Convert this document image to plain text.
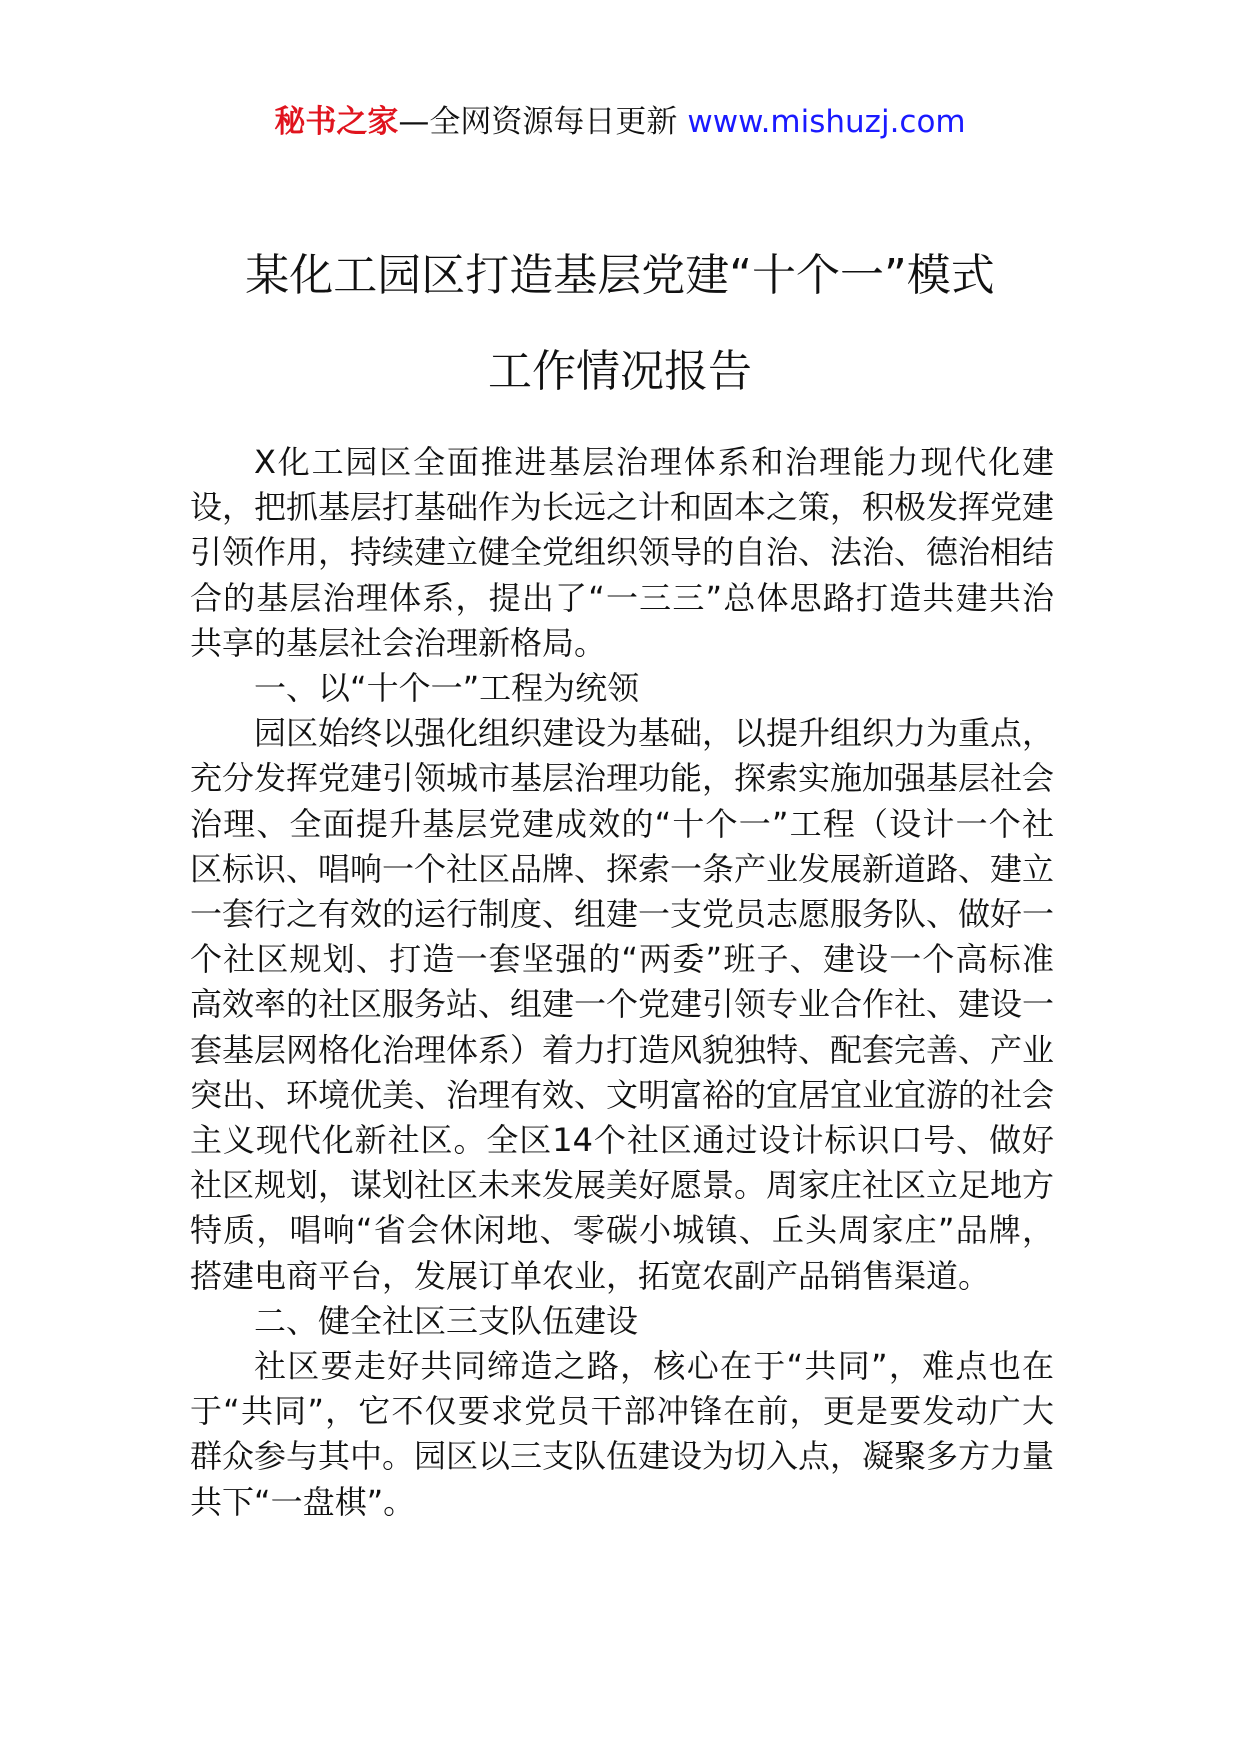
秘书之家—全网资源每日更新 www.mishuzj.com
某化工园区打造基层党建“十个一”模式
工作情况报告

X化工园区全面推进基层治理体系和治理能力现代化建设，把抓基层打基础作为长远之计和固本之策，积极发挥党建引领作用，持续建立健全党组织领导的自治、法治、德治相结合的基层治理体系，提出了“一三三”总体思路打造共建共治共享的基层社会治理新格局。

一、以“十个一”工程为统领

园区始终以强化组织建设为基础，以提升组织力为重点，充分发挥党建引领城市基层治理功能，探索实施加强基层社会治理、全面提升基层党建成效的“十个一”工程（设计一个社区标识、唱响一个社区品牌、探索一条产业发展新道路、建立一套行之有效的运行制度、组建一支党员志愿服务队、做好一个社区规划、打造一套坚强的“两委”班子、建设一个高标准高效率的社区服务站、组建一个党建引领专业合作社、建设一套基层网格化治理体系）着力打造风貌独特、配套完善、产业突出、环境优美、治理有效、文明富裕的宜居宜业宜游的社会主义现代化新社区。全区14个社区通过设计标识口号、做好社区规划，谋划社区未来发展美好愿景。周家庄社区立足地方特质，唱响“省会休闲地、零碳小城镇、丘头周家庄”品牌，搭建电商平台，发展订单农业，拓宽农副产品销售渠道。

二、健全社区三支队伍建设

社区要走好共同缔造之路，核心在于“共同”，难点也在于“共同”，它不仅要求党员干部冲锋在前，更是要发动广大群众参与其中。园区以三支队伍建设为切入点，凝聚多方力量共下“一盘棋”。
